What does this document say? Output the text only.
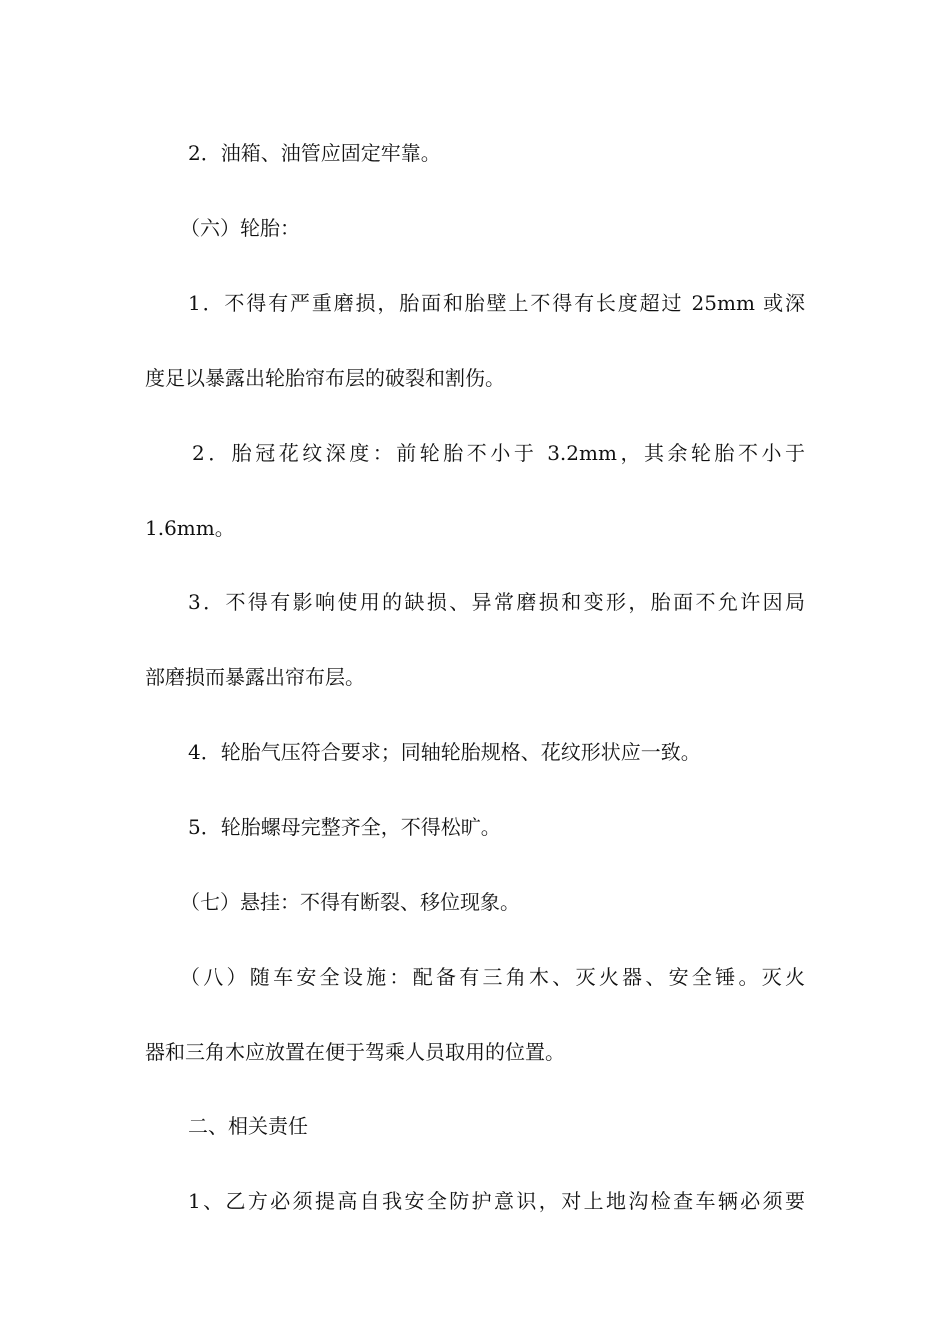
2．油箱、油管应固定牢靠。
（六）轮胎：
1．不得有严重磨损，胎面和胎壁上不得有长度超过 25mm 或深
度足以暴露出轮胎帘布层的破裂和割伤。
2．胎冠花纹深度：前轮胎不小于 3.2mm，其余轮胎不小于
1.6mm。
3．不得有影响使用的缺损、异常磨损和变形，胎面不允许因局
部磨损而暴露出帘布层。
4．轮胎气压符合要求；同轴轮胎规格、花纹形状应一致。
5．轮胎螺母完整齐全，不得松旷。
（七）悬挂：不得有断裂、移位现象。
（八）随车安全设施：配备有三角木、灭火器、安全锤。灭火
器和三角木应放置在便于驾乘人员取用的位置。
二、相关责任
1、乙方必须提高自我安全防护意识，对上地沟检查车辆必须要
